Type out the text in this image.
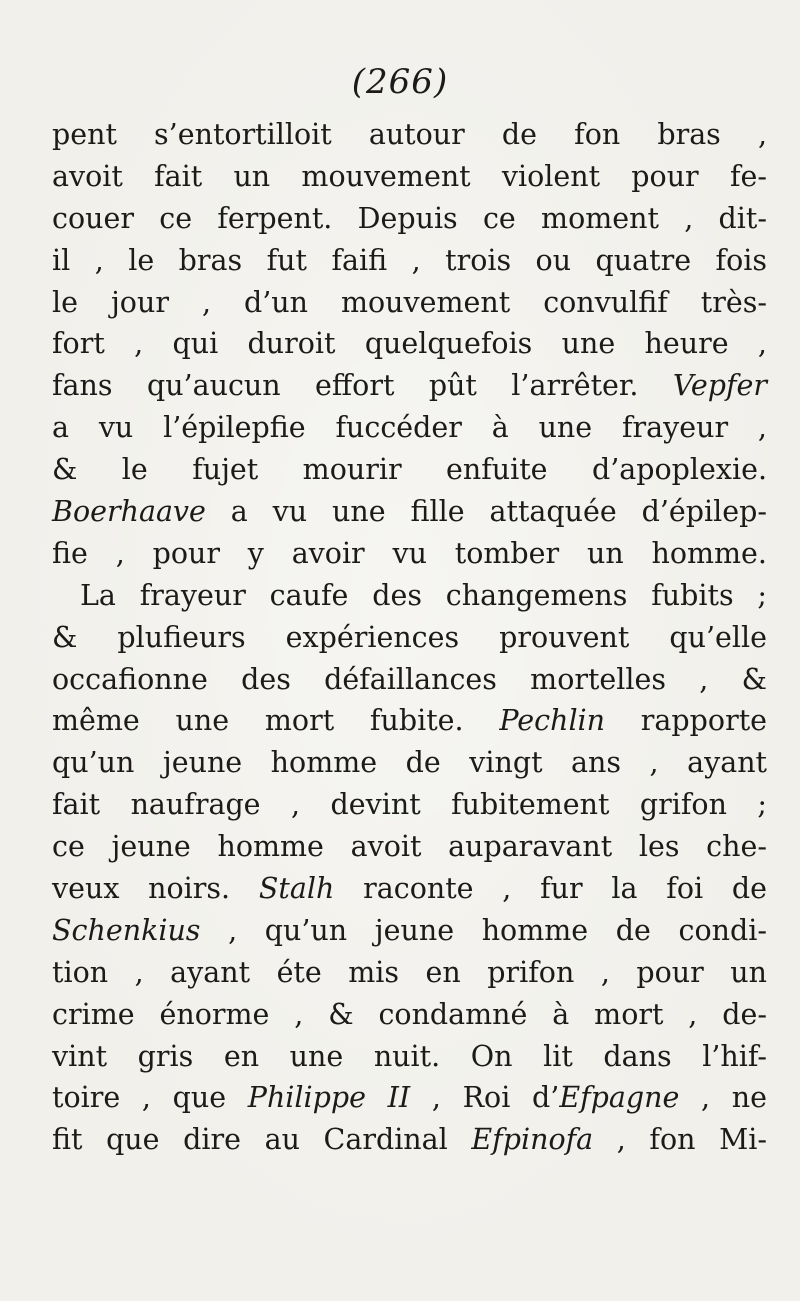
(266)
pent s’entortilloit autour de fon bras ,
avoit fait un mouvement violent pour fe-
couer ce ferpent. Depuis ce moment , dit-
il , le bras fut faifi , trois ou quatre fois
le jour , d’un mouvement convulfif très-
fort , qui duroit quelquefois une heure ,
fans qu’aucun effort pût l’arrêter. Vepfer
a vu l’épilepfie fuccéder à une frayeur ,
& le fujet mourir enfuite d’apoplexie.
Boerhaave a vu une fille attaquée d’épilep-
fie , pour y avoir vu tomber un homme.
La frayeur caufe des changemens fubits ;
& plufieurs expériences prouvent qu’elle
occafionne des défaillances mortelles , &
même une mort fubite. Pechlin rapporte
qu’un jeune homme de vingt ans , ayant
fait naufrage , devint fubitement grifon ;
ce jeune homme avoit auparavant les che-
veux noirs. Stalh raconte , fur la foi de
Schenkius , qu’un jeune homme de condi-
tion , ayant éte mis en prifon , pour un
crime énorme , & condamné à mort , de-
vint gris en une nuit. On lit dans l’hif-
toire , que Philippe II , Roi d’Efpagne , ne
fit que dire au Cardinal Efpinofa , fon Mi-
